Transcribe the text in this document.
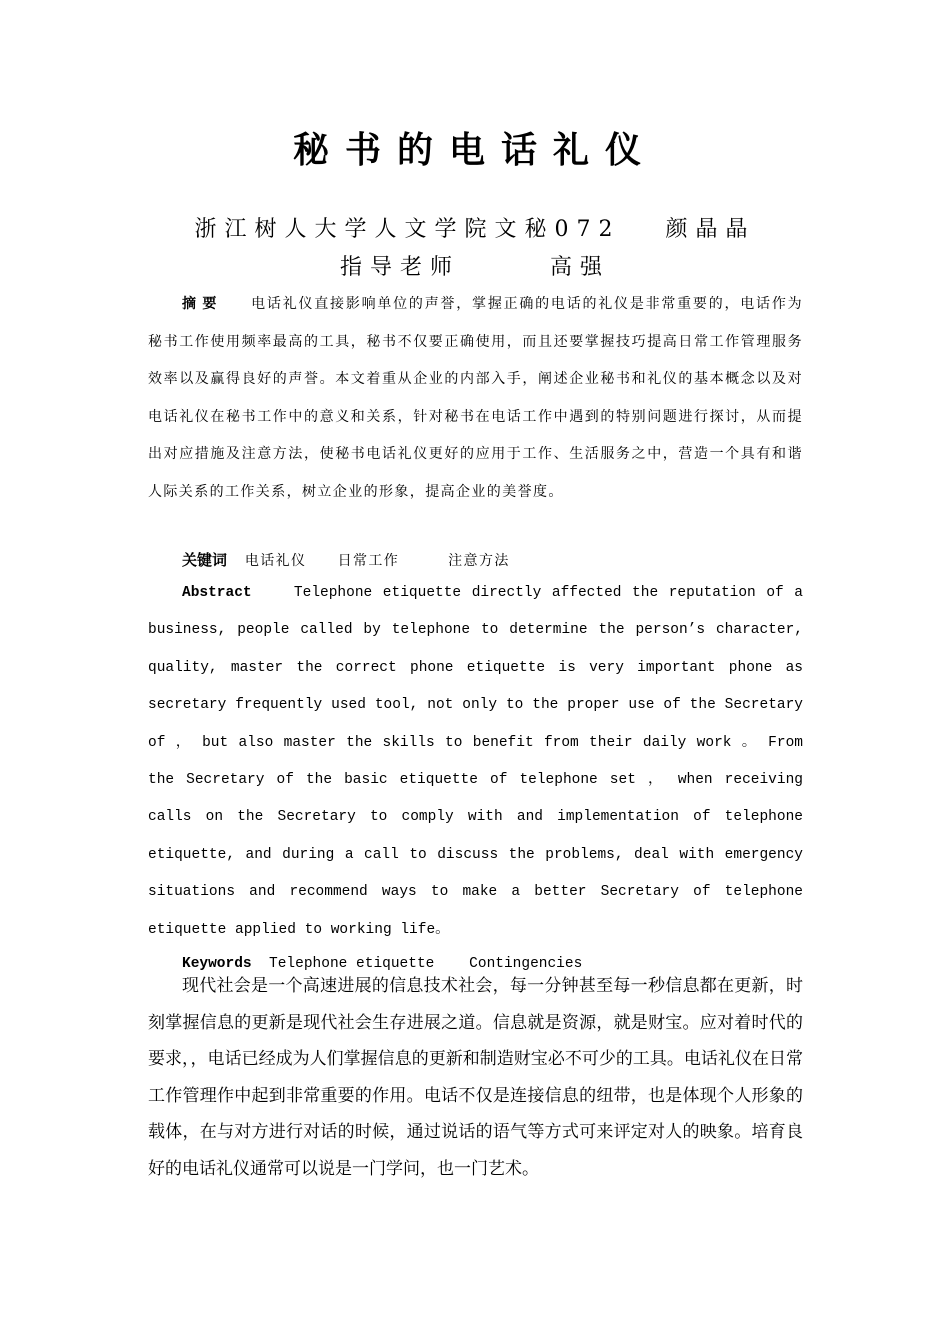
秘书的电话礼仪
浙江树人大学人文学院文秘072   颜晶晶
指导老师      高强
摘要 电话礼仪直接影响单位的声誉，掌握正确的电话的礼仪是非常重要的，电话作为秘书工作使用频率最高的工具，秘书不仅要正确使用，而且还要掌握技巧提高日常工作管理服务效率以及赢得良好的声誉。本文着重从企业的内部入手，阐述企业秘书和礼仪的基本概念以及对电话礼仪在秘书工作中的意义和关系，针对秘书在电话工作中遇到的特别问题进行探讨，从而提出对应措施及注意方法，使秘书电话礼仪更好的应用于工作、生活服务之中，营造一个具有和谐人际关系的工作关系，树立企业的形象，提高企业的美誉度。
关键词 电话礼仪 日常工作	注意方法
Abstract	Telephone etiquette directly affected the reputation of a business, people called by telephone to determine the person’s character, quality, master the correct phone etiquette is very important phone as secretary frequently used tool, not only to the proper use of the Secretary of ， but also master the skills to benefit from their daily work 。 From the Secretary of the basic etiquette of telephone set ， when receiving calls on the Secretary to comply with and implementation of telephone etiquette, and during a call to discuss the problems, deal with emergency situations and recommend ways to make a better Secretary of telephone etiquette applied to working life。
Keywords Telephone etiquette Contingencies
现代社会是一个高速进展的信息技术社会，每一分钟甚至每一秒信息都在更新，时刻掌握信息的更新是现代社会生存进展之道。信息就是资源，就是财宝。应对着时代的要求，，电话已经成为人们掌握信息的更新和制造财宝必不可少的工具。电话礼仪在日常工作管理作中起到非常重要的作用。电话不仅是连接信息的纽带，也是体现个人形象的载体，在与对方进行对话的时候，通过说话的语气等方式可来评定对人的映象。培育良好的电话礼仪通常可以说是一门学问，也一门艺术。
